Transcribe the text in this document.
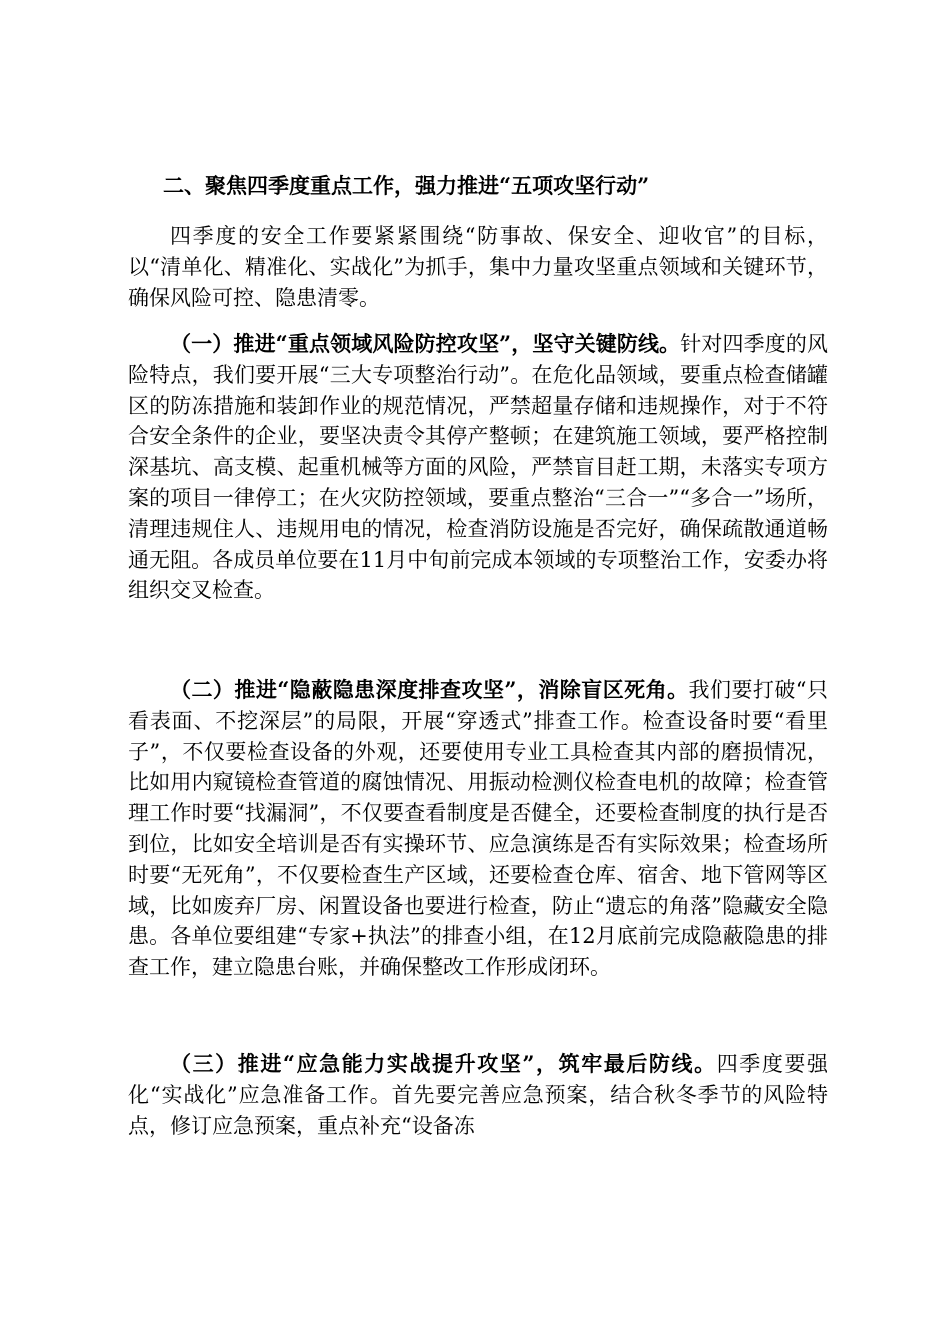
二、聚焦四季度重点工作，强力推进“五项攻坚行动”

四季度的安全工作要紧紧围绕“防事故、保安全、迎收官”的目标，以“清单化、精准化、实战化”为抓手，集中力量攻坚重点领域和关键环节，确保风险可控、隐患清零。

（一）推进“重点领域风险防控攻坚”，坚守关键防线。针对四季度的风险特点，我们要开展“三大专项整治行动”。在危化品领域，要重点检查储罐区的防冻措施和装卸作业的规范情况，严禁超量存储和违规操作，对于不符合安全条件的企业，要坚决责令其停产整顿；在建筑施工领域，要严格控制深基坑、高支模、起重机械等方面的风险，严禁盲目赶工期，未落实专项方案的项目一律停工；在火灾防控领域，要重点整治“三合一”“多合一”场所，清理违规住人、违规用电的情况，检查消防设施是否完好，确保疏散通道畅通无阻。各成员单位要在11月中旬前完成本领域的专项整治工作，安委办将组织交叉检查。

（二）推进“隐蔽隐患深度排查攻坚”，消除盲区死角。我们要打破“只看表面、不挖深层”的局限，开展“穿透式”排查工作。检查设备时要“看里子”，不仅要检查设备的外观，还要使用专业工具检查其内部的磨损情况，比如用内窥镜检查管道的腐蚀情况、用振动检测仪检查电机的故障；检查管理工作时要“找漏洞”，不仅要查看制度是否健全，还要检查制度的执行是否到位，比如安全培训是否有实操环节、应急演练是否有实际效果；检查场所时要“无死角”，不仅要检查生产区域，还要检查仓库、宿舍、地下管网等区域，比如废弃厂房、闲置设备也要进行检查，防止“遗忘的角落”隐藏安全隐患。各单位要组建“专家+执法”的排查小组，在12月底前完成隐蔽隐患的排查工作，建立隐患台账，并确保整改工作形成闭环。

（三）推进“应急能力实战提升攻坚”，筑牢最后防线。四季度要强化“实战化”应急准备工作。首先要完善应急预案，结合秋冬季节的风险特点，修订应急预案，重点补充“设备冻
